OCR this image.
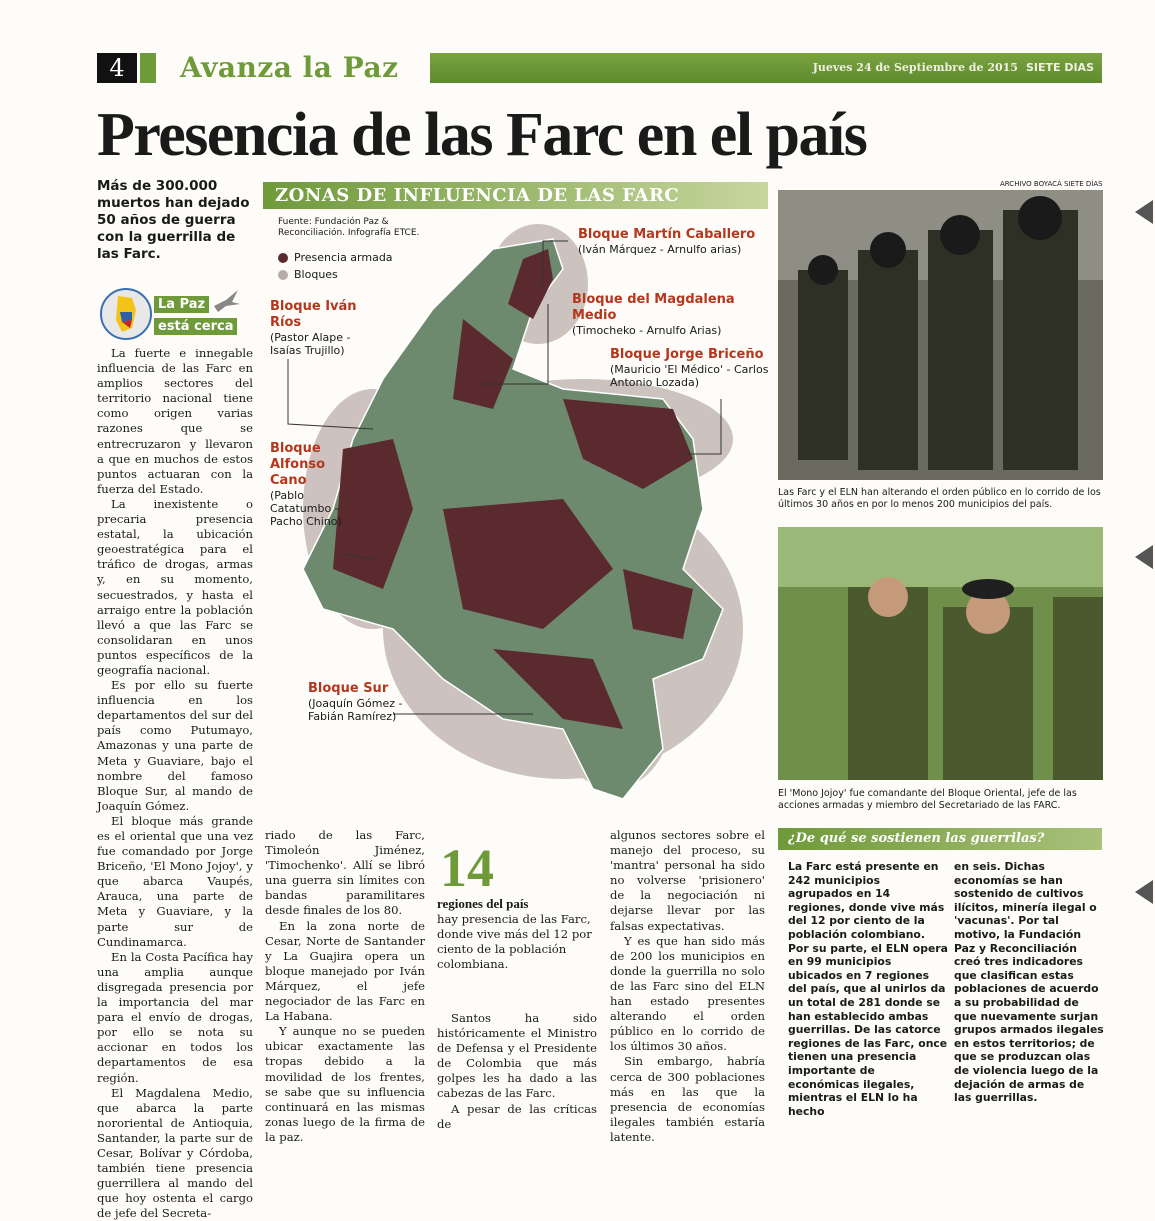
4	Avanza la Paz	Jueves 24 de Septiembre de 2015 SIETE DIAS
Presencia de las Farc en el país
Más de 300.000 muertos han dejado 50 años de guerra con la guerrilla de las Farc.
La Paz
está cerca

La fuerte e innegable influencia de las Farc en amplios sectores del territorio nacional tiene como origen varias razones que se entrecruzaron y llevaron a que en muchos de estos puntos actuaran con la fuerza del Estado.

La inexistente o precaria presencia estatal, la ubicación geoestratégica para el tráfico de drogas, armas y, en su momento, secuestrados, y hasta el arraigo entre la población llevó a que las Farc se consolidaran en unos puntos específicos de la geografía nacional.

Es por ello su fuerte influencia en los departamentos del sur del país como Putumayo, Amazonas y una parte de Meta y Guaviare, bajo el nombre del famoso Bloque Sur, al mando de Joaquín Gómez.

El bloque más grande es el oriental que una vez fue comandado por Jorge Briceño, 'El Mono Jojoy', y que abarca Vaupés, Arauca, una parte de Meta y Guaviare, y la parte sur de Cundinamarca.

En la Costa Pacífica hay una amplia aunque disgregada presencia por la importancia del mar para el envío de drogas, por ello se nota su accionar en todos los departamentos de esa región.

El Magdalena Medio, que abarca la parte nororiental de Antioquia, Santander, la parte sur de Cesar, Bolívar y Córdoba, también tiene presencia guerrillera al mando del que hoy ostenta el cargo de jefe del Secreta-

ZONAS DE INFLUENCIA DE LAS FARC
Bloque Martín Caballero
(Iván Márquez - Arnulfo arias)
Bloque del Magdalena Medio
(Timocheko - Arnulfo Arias)
Bloque Jorge Briceño
(Mauricio 'El Médico' - Carlos Antonio Lozada)
Bloque Iván Ríos
(Pastor Alape - Isaías Trujillo)
Bloque Alfonso Cano
(Pablo Catatumbo - Pacho Chino)
Bloque Sur
(Joaquín Gómez - Fabián Ramírez)
Fuente: Fundación Paz & Reconciliación. Infografía ETCE.
Presencia armada
Bloques
ARCHIVO BOYACÁ SIETE DÍAS
Las Farc y el ELN han alterando el orden público en lo corrido de los últimos 30 años en por lo menos 200 municipios del país.
El 'Mono Jojoy' fue comandante del Bloque Oriental, jefe de las acciones armadas y miembro del Secretariado de las FARC.

riado de las Farc, Timoleón Jiménez, 'Timochenko'. Allí se libró una guerra sin límites con bandas paramilitares desde finales de los 80.

En la zona norte de Cesar, Norte de Santander y La Guajira opera un bloque manejado por Iván Márquez, el jefe negociador de las Farc en La Habana.

Y aunque no se pueden ubicar exactamente las tropas debido a la movilidad de los frentes, se sabe que su influencia continuará en las mismas zonas luego de la firma de la paz.

14
regiones del país
hay presencia de las Farc, donde vive más del 12 por ciento de la población colombiana.

Santos ha sido históricamente el Ministro de Defensa y el Presidente de Colombia que más golpes les ha dado a las cabezas de las Farc.

A pesar de las críticas de

algunos sectores sobre el manejo del proceso, su 'mantra' personal ha sido no volverse 'prisionero' de la negociación ni dejarse llevar por las falsas expectativas.

Y es que han sido más de 200 los municipios en donde la guerrilla no solo de las Farc sino del ELN han estado presentes alterando el orden público en lo corrido de los últimos 30 años.

Sin embargo, habría cerca de 300 poblaciones más en las que la presencia de economías ilegales también estaría latente.

¿De qué se sostienen las guerrilas?
La Farc está presente en 242 municipios agrupados en 14 regiones, donde vive más del 12 por ciento de la población colombiano. Por su parte, el ELN opera en 99 municipios ubicados en 7 regiones del país, que al unirlos da un total de 281 donde se han establecido ambas guerrillas. De las catorce regiones de las Farc, once tienen una presencia importante de económicas ilegales, mientras el ELN lo ha hecho
en seis. Dichas economías se han sostenido de cultivos ilícitos, minería ilegal o 'vacunas'. Por tal motivo, la Fundación Paz y Reconciliación creó tres indicadores que clasifican estas poblaciones de acuerdo a su probabilidad de que nuevamente surjan grupos armados ilegales en estos territorios; de que se produzcan olas de violencia luego de la dejación de armas de las guerrillas.
